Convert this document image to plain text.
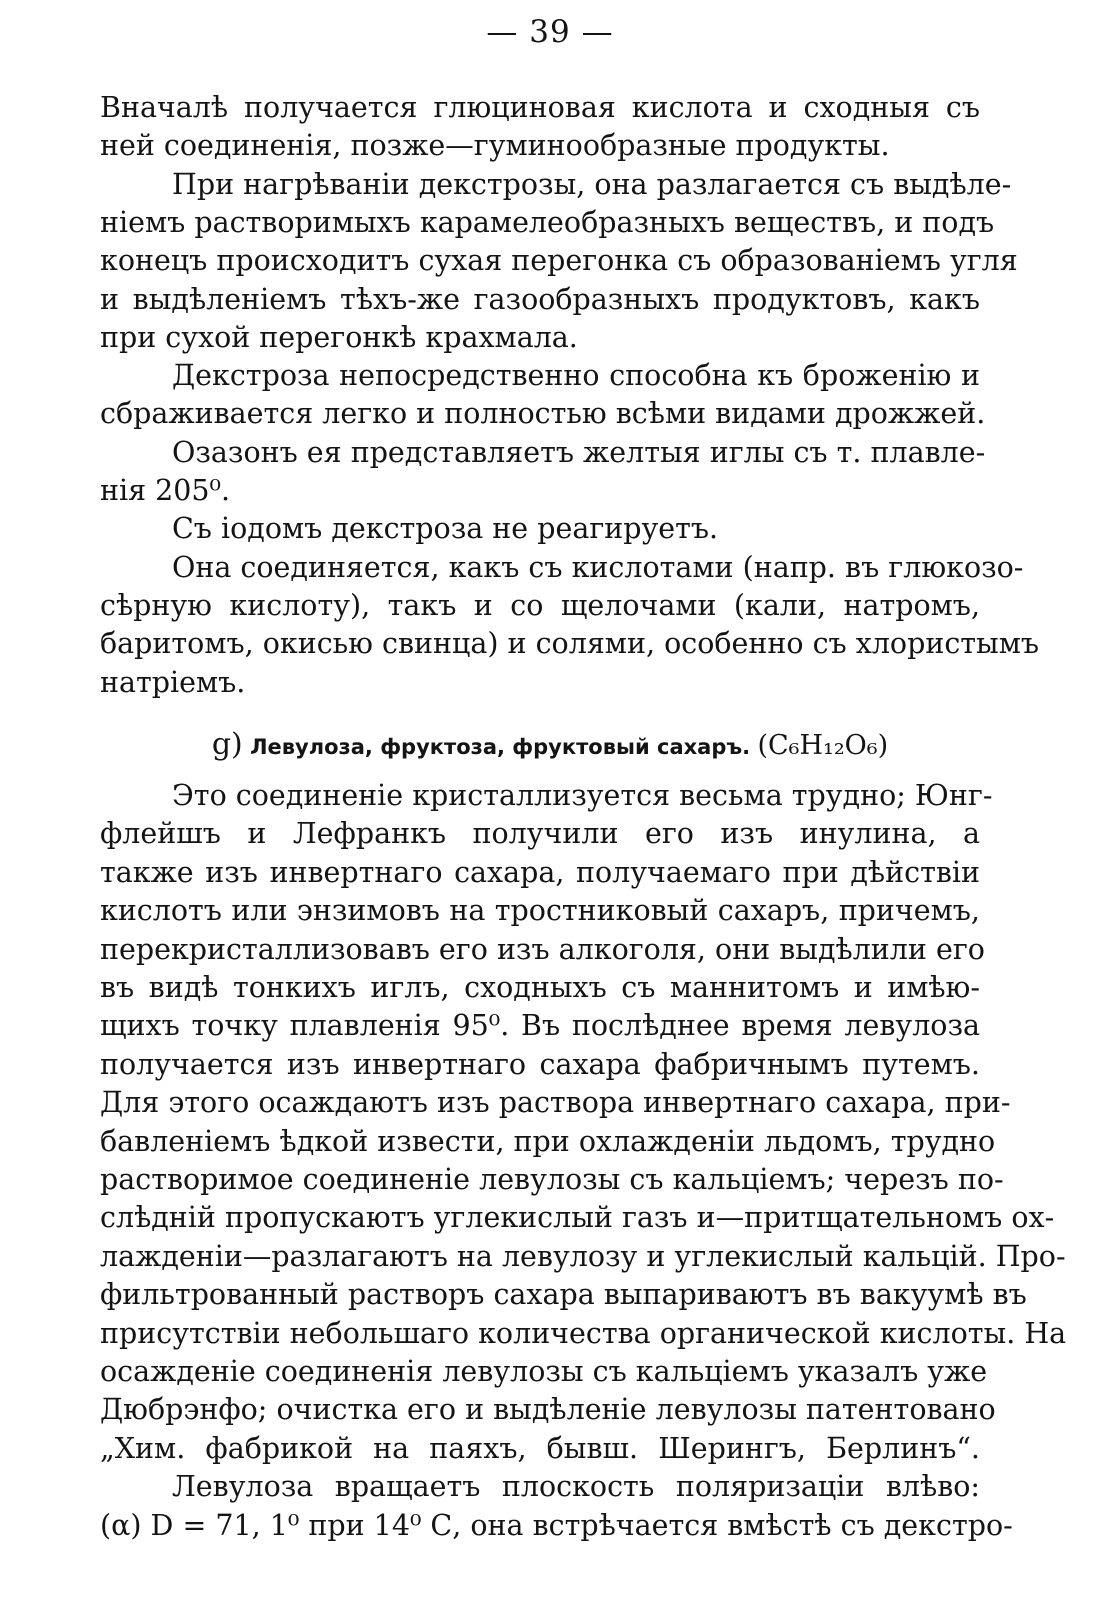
— 39 —
Вначалѣ получается глюциновая кислота и сходныя съ
ней соединенія, позже—гуминообразные продукты.
При нагрѣваніи декстрозы, она разлагается съ выдѣле-
ніемъ растворимыхъ карамелеобразныхъ веществъ, и подъ
конецъ происходитъ сухая перегонка съ образованіемъ угля
и выдѣленіемъ тѣхъ-же газообразныхъ продуктовъ, какъ
при сухой перегонкѣ крахмала.
Декстроза непосредственно способна къ броженію и
сбраживается легко и полностью всѣми видами дрожжей.
Озазонъ ея представляетъ желтыя иглы съ т. плавле-
нія 205⁰.
Съ іодомъ декстроза не реагируетъ.
Она соединяется, какъ съ кислотами (напр. въ глюкозо-
сѣрную кислоту), такъ и со щелочами (кали, натромъ,
баритомъ, окисью свинца) и солями, особенно съ хлористымъ
натріемъ.
g) Левулоза, фруктоза, фруктовый сахаръ. (C₆H₁₂O₆)
Это соединеніе кристаллизуется весьма трудно; Юнг-
флейшъ и Лефранкъ получили его изъ инулина, а
также изъ инвертнаго сахара, получаемаго при дѣйствіи
кислотъ или энзимовъ на тростниковый сахаръ, причемъ,
перекристаллизовавъ его изъ алкоголя, они выдѣлили его
въ видѣ тонкихъ иглъ, сходныхъ съ маннитомъ и имѣю-
щихъ точку плавленія 95⁰. Въ послѣднее время левулоза
получается изъ инвертнаго сахара фабричнымъ путемъ.
Для этого осаждаютъ изъ раствора инвертнаго сахара, при-
бавленіемъ ѣдкой извести, при охлажденіи льдомъ, трудно
растворимое соединеніе левулозы съ кальціемъ; черезъ по-
слѣдній пропускаютъ углекислый газъ и—притщательномъ ох-
лажденіи—разлагаютъ на левулозу и углекислый кальцій. Про-
фильтрованный растворъ сахара выпариваютъ въ вакуумѣ въ
присутствіи небольшаго количества органической кислоты. На
осажденіе соединенія левулозы съ кальціемъ указалъ уже
Дюбрэнфо; очистка его и выдѣленіе левулозы патентовано
„Хим. фабрикой на паяхъ, бывш. Шерингъ, Берлинъ“.
Левулоза вращаетъ плоскость поляризаціи влѣво:
(α) D = 71, 1⁰ при 14⁰ С, она встрѣчается вмѣстѣ съ декстро-
